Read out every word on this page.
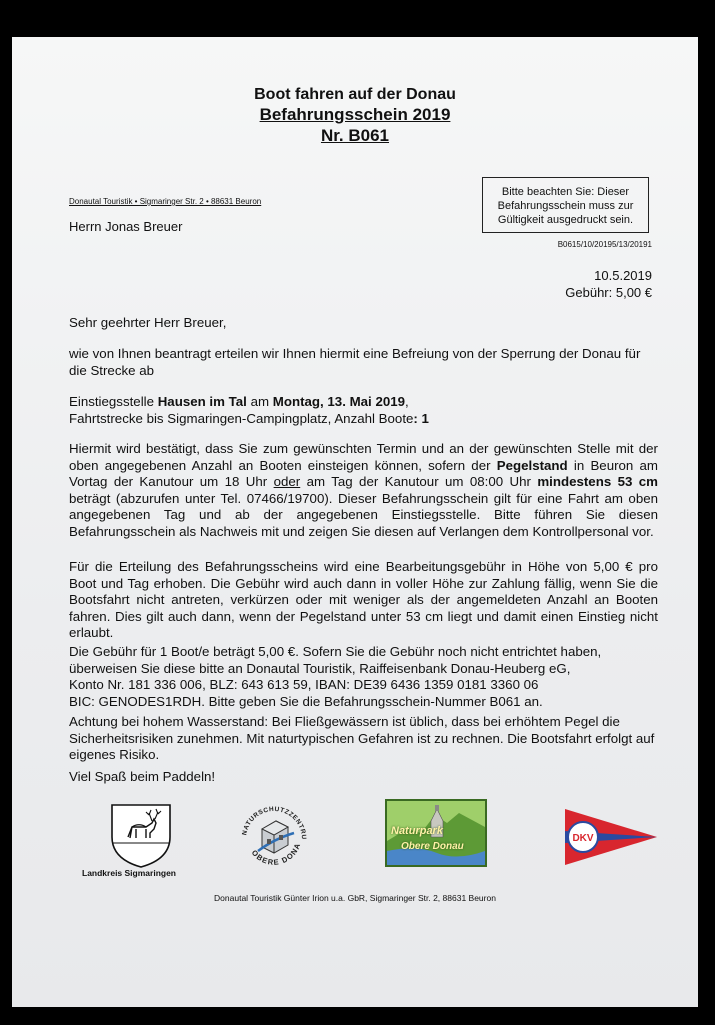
Boot fahren auf der Donau
Befahrungsschein 2019
Nr. B061
Donautal Touristik • Sigmaringer Str. 2 • 88631 Beuron
Herrn Jonas Breuer
Bitte beachten Sie: Dieser Befahrungsschein muss zur Gültigkeit ausgedruckt sein.
B0615/10/20195/13/20191
10.5.2019
Gebühr: 5,00 €
Sehr geehrter Herr Breuer,
wie von Ihnen beantragt erteilen wir Ihnen hiermit eine Befreiung von der Sperrung der Donau für die Strecke ab
Einstiegsstelle Hausen im Tal am Montag, 13. Mai 2019,
Fahrtstrecke bis Sigmaringen-Campingplatz, Anzahl Boote: 1
Hiermit wird bestätigt, dass Sie zum gewünschten Termin und an der gewünschten Stelle mit der oben angegebenen Anzahl an Booten einsteigen können, sofern der Pegelstand in Beuron am Vortag der Kanutour um 18 Uhr oder am Tag der Kanutour um 08:00 Uhr mindestens 53 cm beträgt (abzurufen unter Tel. 07466/19700). Dieser Befahrungsschein gilt für eine Fahrt am oben angegebenen Tag und ab der angegebenen Einstiegsstelle. Bitte führen Sie diesen Befahrungsschein als Nachweis mit und zeigen Sie diesen auf Verlangen dem Kontrollpersonal vor.
Für die Erteilung des Befahrungsscheins wird eine Bearbeitungsgebühr in Höhe von 5,00 € pro Boot und Tag erhoben. Die Gebühr wird auch dann in voller Höhe zur Zahlung fällig, wenn Sie die Bootsfahrt nicht antreten, verkürzen oder mit weniger als der angemeldeten Anzahl an Booten fahren. Dies gilt auch dann, wenn der Pegelstand unter 53 cm liegt und damit einen Einstieg nicht erlaubt.
Die Gebühr für 1 Boot/e beträgt 5,00 €. Sofern Sie die Gebühr noch nicht entrichtet haben,
überweisen Sie diese bitte an Donautal Touristik, Raiffeisenbank Donau-Heuberg eG,
Konto Nr. 181 336 006, BLZ: 643 613 59, IBAN: DE39 6436 1359 0181 3360 06
BIC: GENODES1RDH. Bitte geben Sie die Befahrungsschein-Nummer B061 an.
Achtung bei hohem Wasserstand: Bei Fließgewässern ist üblich, dass bei erhöhtem Pegel die Sicherheitsrisiken zunehmen. Mit naturtypischen Gefahren ist zu rechnen. Die Bootsfahrt erfolgt auf eigenes Risiko.
Viel Spaß beim Paddeln!
Landkreis Sigmaringen
NATURSCHUTZZENTRU
OBERE DONA
Naturpark
Obere Donau
DKV
Donautal Touristik Günter Irion u.a. GbR, Sigmaringer Str. 2, 88631 Beuron
